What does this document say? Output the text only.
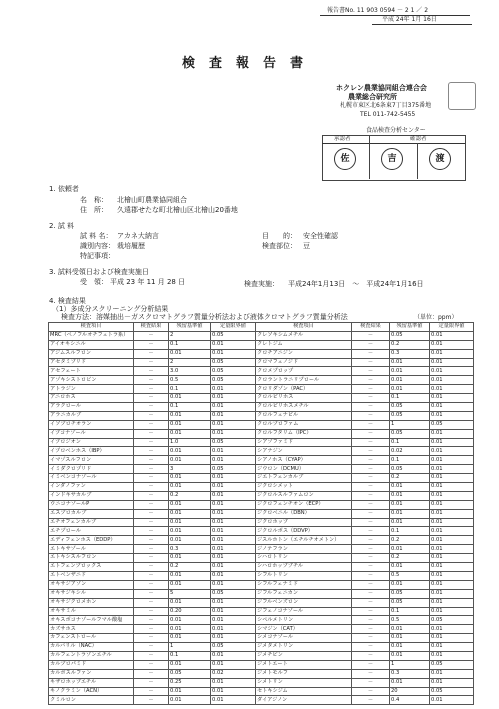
報告書No. 11 903 0594 － 2 1 ／ 2
平成 24年 1月 16日
検査報告書
ホクレン農業協同組合連合会
農業総合研究所
札幌市東区北6条東7丁目375番地
TEL 011-742-5455
食品検査分析センター
承認者	確認者
佐	吉	渡
1. 依頼者
名　称： 北檜山町農業協同組合
住　所： 久遠郡せたな町北檜山区北檜山20番地
2. 試 料
試 料 名： アカネ大納言	目　　的： 安全性確認
識別内容： 栽培履歴	検査部位： 豆
特記事項：
3. 試料受領日および検査実施日
受　領： 平成 23 年 11 月 28 日	検査実施： 平成24年1月13日　～　平成24年1月16日
4. 検査結果
（1）多成分スクリーニング分析結果
検査方法：溶媒抽出－ガスクロマトグラフ質量分析法および液体クロマトグラフ質量分析法	（単位：ppm）
検査項目	検査結果	残留基準値	定量限界値	検査項目	検査結果	残留基準値	定量限界値
MRC（ペノフルオチフェトラ系）	－	2	0.05	クレソキシムメチル	－	0.05	0.01
アイオキシニル	－	0.1	0.01	クレトジム	－	0.2	0.01
アジムスルフロン	－	0.01	0.01	クロチアニジン	－	0.3	0.01
アセタミプリド	－	2	0.05	クロマフェノジド	－	0.01	0.01
アセフェート	－	3.0	0.05	クロメプロップ	－	0.01	0.01
アゾキシストロビン	－	0.5	0.05	クロラントラニリプロール	－	0.01	0.01
アトラジン	－	0.1	0.01	クロリダゾン（PAC）	－	0.01	0.01
アニロホス	－	0.01	0.01	クロルピリホス	－	0.1	0.01
アラクロール	－	0.1	0.01	クロルピリホスメチル	－	0.05	0.01
アラニカルブ	－	0.01	0.01	クロルフェナピル	－	0.05	0.01
イソプロチオラン	－	0.01	0.01	クロルプロファム	－	1	0.05
イプコナゾール	－	0.01	0.01	クロルフタリム（IPC）	－	0.05	0.01
イプロジオン	－	1.0	0.05	シアゾファミド	－	0.1	0.01
イプロベンホス（IBP）	－	0.01	0.01	シアナジン	－	0.02	0.01
イマゾスルフロン	－	0.01	0.01	シアノホス（CYAP）	－	0.1	0.01
イミダクロプリド	－	3	0.05	ジウロン（DCMU）	－	0.05	0.01
イミベンコナゾール	－	0.01	0.01	ジエトフェンカルブ	－	0.2	0.01
インダノファン	－	0.01	0.01	ジクロシメット	－	0.01	0.01
インドキサカルブ	－	0.2	0.01	ジクロルスルファムロン	－	0.01	0.01
ウニコナゾールP	－	0.01	0.01	ジクロフェンチオン（ECP）	－	0.01	0.01
エスプロカルブ	－	0.01	0.01	ジクロベニル（DBN）	－	0.01	0.01
エチオフェンカルブ	－	0.01	0.01	ジクロホップ	－	0.01	0.01
エチプロール	－	0.01	0.01	ジクロルボス（DDVP）	－	0.1	0.01
エディフェンホス（EDDP）	－	0.01	0.01	ジスルホトン（エチルチオメトン）	－	0.2	0.01
エトキサゾール	－	0.3	0.01	ジノテフラン	－	0.01	0.01
エトキシスルフロン	－	0.01	0.01	シハロトリン	－	0.2	0.01
エトフェンプロックス	－	0.2	0.01	シハロホップブチル	－	0.01	0.01
エトベンザニド	－	0.01	0.01	シフルトリン	－	0.5	0.01
オキサジアゾン	－	0.01	0.01	シフルフェナミド	－	0.01	0.01
オキサジキシル	－	5	0.05	ジフルフェニカン	－	0.05	0.01
オキサジクロメホン	－	0.01	0.01	ジフルベンズロン	－	0.05	0.01
オキサミル	－	0.20	0.01	ジフェノコナゾール	－	0.1	0.01
オキスポコナゾールフマル酸塩	－	0.01	0.01	シペルメトリン	－	0.5	0.05
カズサホス	－	0.01	0.01	シマジン（CAT）	－	0.01	0.01
カフェンストロール	－	0.01	0.01	シメコナゾール	－	0.01	0.01
カルバリル（NAC）	－	1	0.05	ジメタメトリン	－	0.01	0.01
カルフェントラゾンエチル	－	0.1	0.01	ジメチピン	－	0.01	0.01
カルプロパミド	－	0.01	0.01	ジメトエート	－	1	0.05
カルボスルファン	－	0.05	0.02	ジメトモルフ	－	0.3	0.01
キザロホップエチル	－	0.25	0.01	シメトリン	－	0.01	0.01
キノクラミン（ACN）	－	0.01	0.01	セトキシジム	－	20	0.05
クミルロン	－	0.01	0.01	ダイアジノン	－	0.4	0.01
